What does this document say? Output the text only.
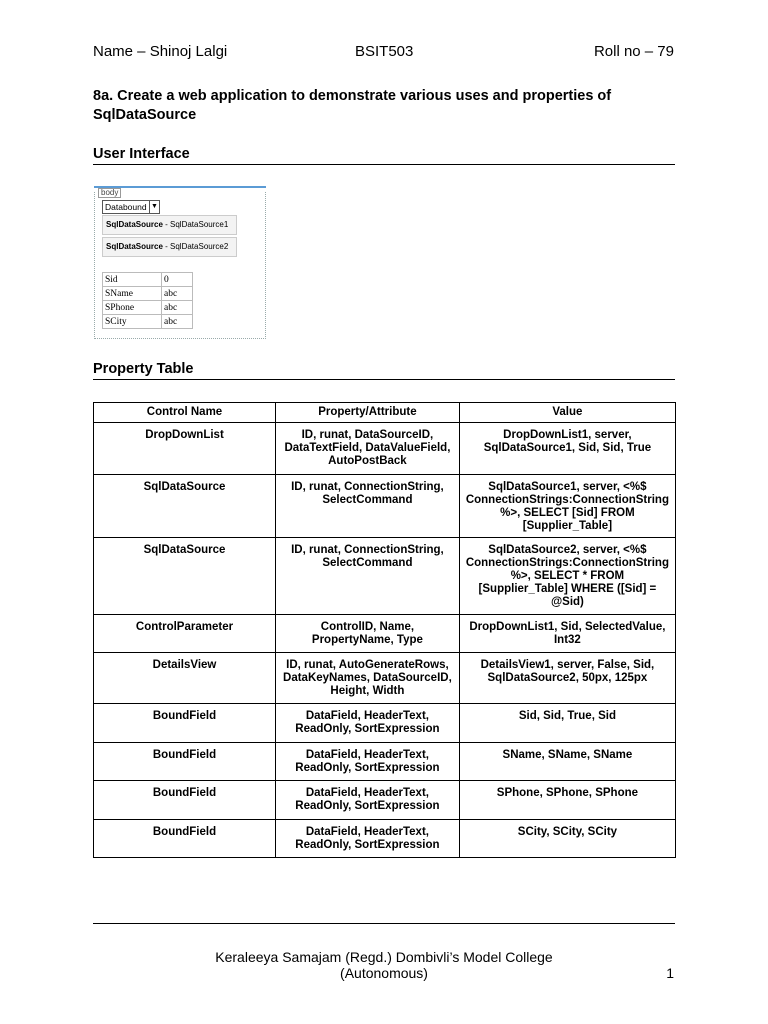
Name – Shinoj Lalgi	BSIT503	Roll no – 79
8a. Create a web application to demonstrate various uses and properties of SqlDataSource
User Interface
body
Databound ▼
SqlDataSource - SqlDataSource1
SqlDataSource - SqlDataSource2
Sid	0
SName	abc
SPhone	abc
SCity	abc
Property Table
Control Name	Property/Attribute	Value
DropDownList	ID, runat, DataSourceID, DataTextField, DataValueField, AutoPostBack	DropDownList1, server, SqlDataSource1, Sid, Sid, True
SqlDataSource	ID, runat, ConnectionString, SelectCommand	SqlDataSource1, server, <%$ ConnectionStrings:ConnectionString %>, SELECT [Sid] FROM [Supplier_Table]
SqlDataSource	ID, runat, ConnectionString, SelectCommand	SqlDataSource2, server, <%$ ConnectionStrings:ConnectionString %>, SELECT * FROM [Supplier_Table] WHERE ([Sid] = @Sid)
ControlParameter	ControlID, Name, PropertyName, Type	DropDownList1, Sid, SelectedValue, Int32
DetailsView	ID, runat, AutoGenerateRows, DataKeyNames, DataSourceID, Height, Width	DetailsView1, server, False, Sid, SqlDataSource2, 50px, 125px
BoundField	DataField, HeaderText, ReadOnly, SortExpression	Sid, Sid, True, Sid
BoundField	DataField, HeaderText, ReadOnly, SortExpression	SName, SName, SName
BoundField	DataField, HeaderText, ReadOnly, SortExpression	SPhone, SPhone, SPhone
BoundField	DataField, HeaderText, ReadOnly, SortExpression	SCity, SCity, SCity
Keraleeya Samajam (Regd.) Dombivli’s Model College
(Autonomous)	1
